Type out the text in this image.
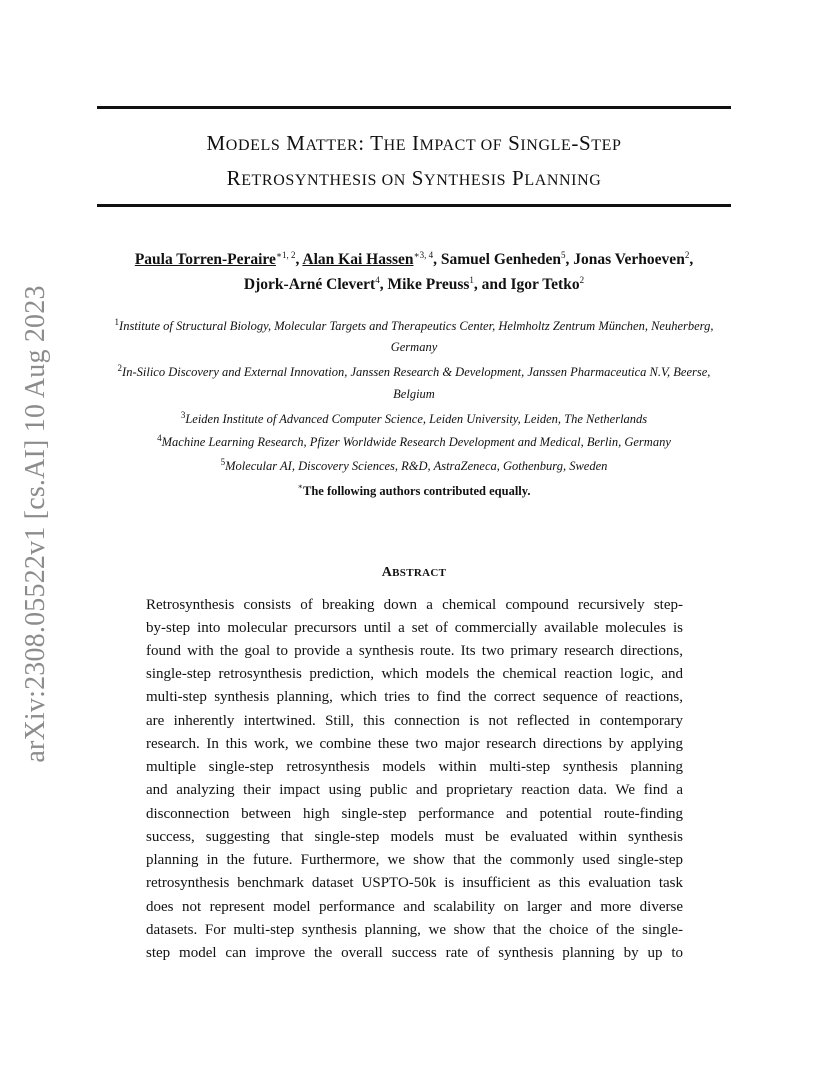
arXiv:2308.05522v1 [cs.AI] 10 Aug 2023
MODELS MATTER: THE IMPACT OF SINGLE-STEP
RETROSYNTHESIS ON SYNTHESIS PLANNING
Paula Torren-Peraire$^{∗1, 2}$, Alan Kai Hassen$^{∗3, 4}$, Samuel Genheden$^5$, Jonas Verhoeven$^2$,
Djork-Arné Clevert$^4$, Mike Preuss$^1$, and Igor Tetko$^2$
$^1$Institute of Structural Biology, Molecular Targets and Therapeutics Center, Helmholtz Zentrum München, Neuherberg,
Germany
$^2$In-Silico Discovery and External Innovation, Janssen Research & Development, Janssen Pharmaceutica N.V, Beerse,
Belgium
$^3$Leiden Institute of Advanced Computer Science, Leiden University, Leiden, The Netherlands
$^4$Machine Learning Research, Pfizer Worldwide Research Development and Medical, Berlin, Germany
$^5$Molecular AI, Discovery Sciences, R&D, AstraZeneca, Gothenburg, Sweden
∗The following authors contributed equally.
ABSTRACT
Retrosynthesis consists of breaking down a chemical compound recursively step-
by-step into molecular precursors until a set of commercially available molecules is
found with the goal to provide a synthesis route. Its two primary research directions,
single-step retrosynthesis prediction, which models the chemical reaction logic, and
multi-step synthesis planning, which tries to find the correct sequence of reactions,
are inherently intertwined. Still, this connection is not reflected in contemporary
research. In this work, we combine these two major research directions by applying
multiple single-step retrosynthesis models within multi-step synthesis planning
and analyzing their impact using public and proprietary reaction data. We find a
disconnection between high single-step performance and potential route-finding
success, suggesting that single-step models must be evaluated within synthesis
planning in the future. Furthermore, we show that the commonly used single-step
retrosynthesis benchmark dataset USPTO-50k is insufficient as this evaluation task
does not represent model performance and scalability on larger and more diverse
datasets. For multi-step synthesis planning, we show that the choice of the single-
step model can improve the overall success rate of synthesis planning by up to
